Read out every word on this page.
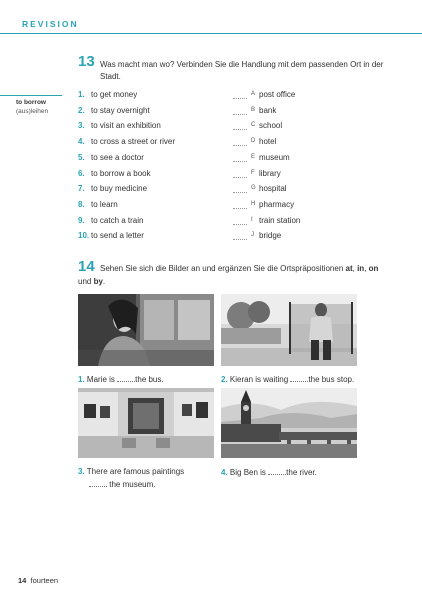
REVISION
to borrow
(aus)leihen
13 Was macht man wo? Verbinden Sie die Handlung mit dem passenden Ort in der Stadt.
1. to get money	A post office
2. to stay overnight	B bank
3. to visit an exhibition	C school
4. to cross a street or river	D hotel
5. to see a doctor	E museum
6. to borrow a book	F library
7. to buy medicine	G hospital
8. to learn	H pharmacy
9. to catch a train	I train station
10. to send a letter	J bridge
14 Sehen Sie sich die Bilder an und ergänzen Sie die Ortspräpositionen at, in, on
und by.
1. Marie is the bus.	2. Kieran is waiting the bus stop.
3. There are famous paintings
the museum.
4. Big Ben is the river.
14 fourteen
